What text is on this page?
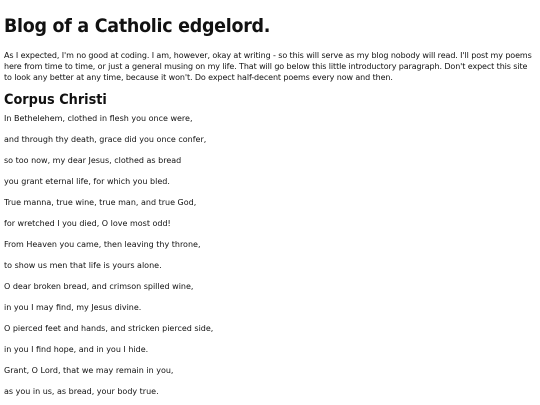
Blog of a Catholic edgelord.

As I expected, I'm no good at coding. I am, however, okay at writing - so this will serve as my blog nobody will read. I'll post my poems here from time to time, or just a general musing on my life. That will go below this little introductory paragraph. Don't expect this site to look any better at any time, because it won't. Do expect half-decent poems every now and then.

Corpus Christi
In Bethelehem, clothed in flesh you once were,
and through thy death, grace did you once confer,
so too now, my dear Jesus, clothed as bread
you grant eternal life, for which you bled.
True manna, true wine, true man, and true God,
for wretched I you died, O love most odd!
From Heaven you came, then leaving thy throne,
to show us men that life is yours alone.
O dear broken bread, and crimson spilled wine,
in you I may find, my Jesus divine.
O pierced feet and hands, and stricken pierced side,
in you I find hope, and in you I hide.
Grant, O Lord, that we may remain in you,
as you in us, as bread, your body true.
